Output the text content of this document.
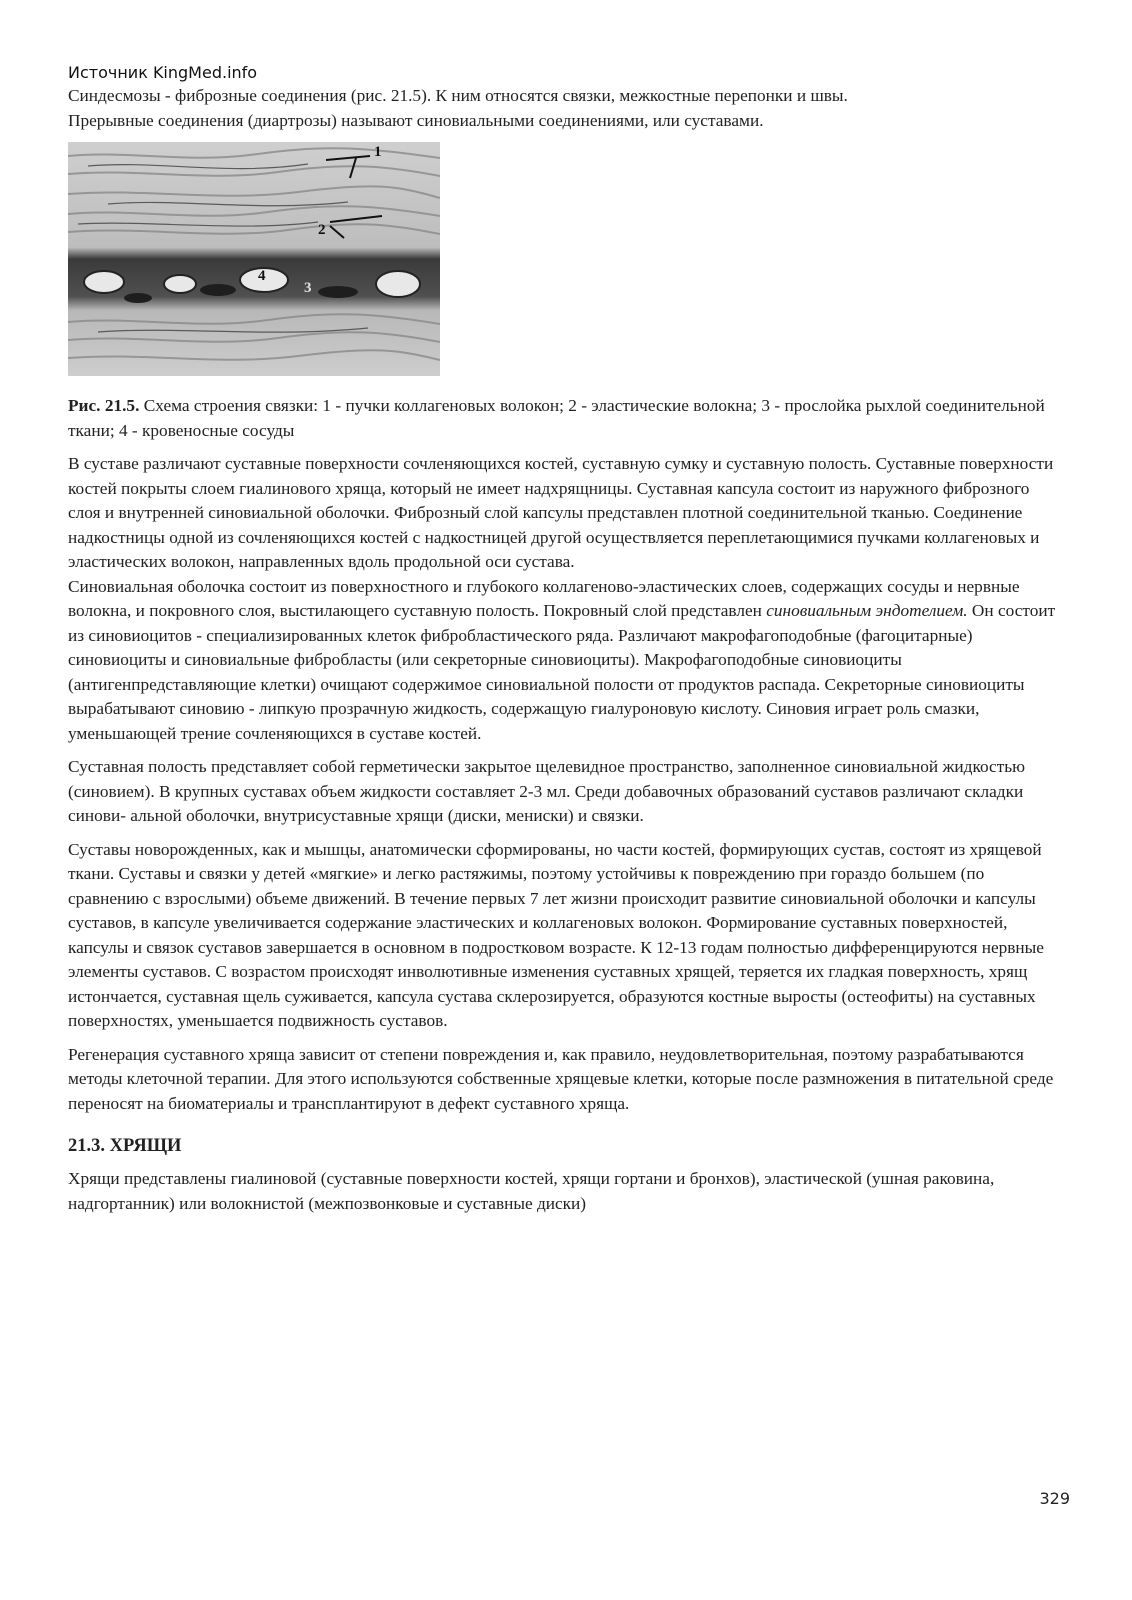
Источник KingMed.info

Синдесмозы - фиброзные соединения (рис. 21.5). К ним относятся связки, межкостные перепонки и швы.

Прерывные соединения (диартрозы) называют синовиальными соединениями, или суставами.

1
2
3
4

Рис. 21.5. Схема строения связки: 1 - пучки коллагеновых волокон; 2 - эластические волокна; 3 - прослойка рыхлой соединительной ткани; 4 - кровеносные сосуды

В суставе различают суставные поверхности сочленяющихся костей, суставную сумку и суставную полость. Суставные поверхности костей покрыты слоем гиалинового хряща, который не имеет надхрящницы. Суставная капсула состоит из наружного фиброзного слоя и внутренней синовиальной оболочки. Фиброзный слой капсулы представлен плотной соединительной тканью. Соединение надкостницы одной из сочленяющихся костей с надкостницей другой осуществляется переплетающимися пучками коллагеновых и эластических волокон, направленных вдоль продольной оси сустава.

Синовиальная оболочка состоит из поверхностного и глубокого коллагеново-эластических слоев, содержащих сосуды и нервные волокна, и покровного слоя, выстилающего суставную полость. Покровный слой представлен синовиальным эндотелием. Он состоит из синовиоцитов - специализированных клеток фибробластического ряда. Различают макрофагоподобные (фагоцитарные) синовиоциты и синовиальные фибробласты (или секреторные синовиоциты). Макрофагоподобные синовиоциты (антигенпредставляющие клетки) очищают содержимое синовиальной полости от продуктов распада. Секреторные синовиоциты вырабатывают синовию - липкую прозрачную жидкость, содержащую гиалуроновую кислоту. Синовия играет роль смазки, уменьшающей трение сочленяющихся в суставе костей.

Суставная полость представляет собой герметически закрытое щелевидное пространство, заполненное синовиальной жидкостью (синовием). В крупных суставах объем жидкости составляет 2-3 мл. Среди добавочных образований суставов различают складки синови- альной оболочки, внутрисуставные хрящи (диски, мениски) и связки.

Суставы новорожденных, как и мышцы, анатомически сформированы, но части костей, формирующих сустав, состоят из хрящевой ткани. Суставы и связки у детей «мягкие» и легко растяжимы, поэтому устойчивы к повреждению при гораздо большем (по сравнению с взрослыми) объеме движений. В течение первых 7 лет жизни происходит развитие синовиальной оболочки и капсулы суставов, в капсуле увеличивается содержание эластических и коллагеновых волокон. Формирование суставных поверхностей, капсулы и связок суставов завершается в основном в подростковом возрасте. К 12-13 годам полностью дифференцируются нервные элементы суставов. С возрастом происходят инволютивные изменения суставных хрящей, теряется их гладкая поверхность, хрящ истончается, суставная щель суживается, капсула сустава склерозируется, образуются костные выросты (остеофиты) на суставных поверхностях, уменьшается подвижность суставов.

Регенерация суставного хряща зависит от степени повреждения и, как правило, неудовлетворительная, поэтому разрабатываются методы клеточной терапии. Для этого используются собственные хрящевые клетки, которые после размножения в питательной среде переносят на биоматериалы и трансплантируют в дефект суставного хряща.

21.3. ХРЯЩИ

Хрящи представлены гиалиновой (суставные поверхности костей, хрящи гортани и бронхов), эластической (ушная раковина, надгортанник) или волокнистой (межпозвонковые и суставные диски)

329
